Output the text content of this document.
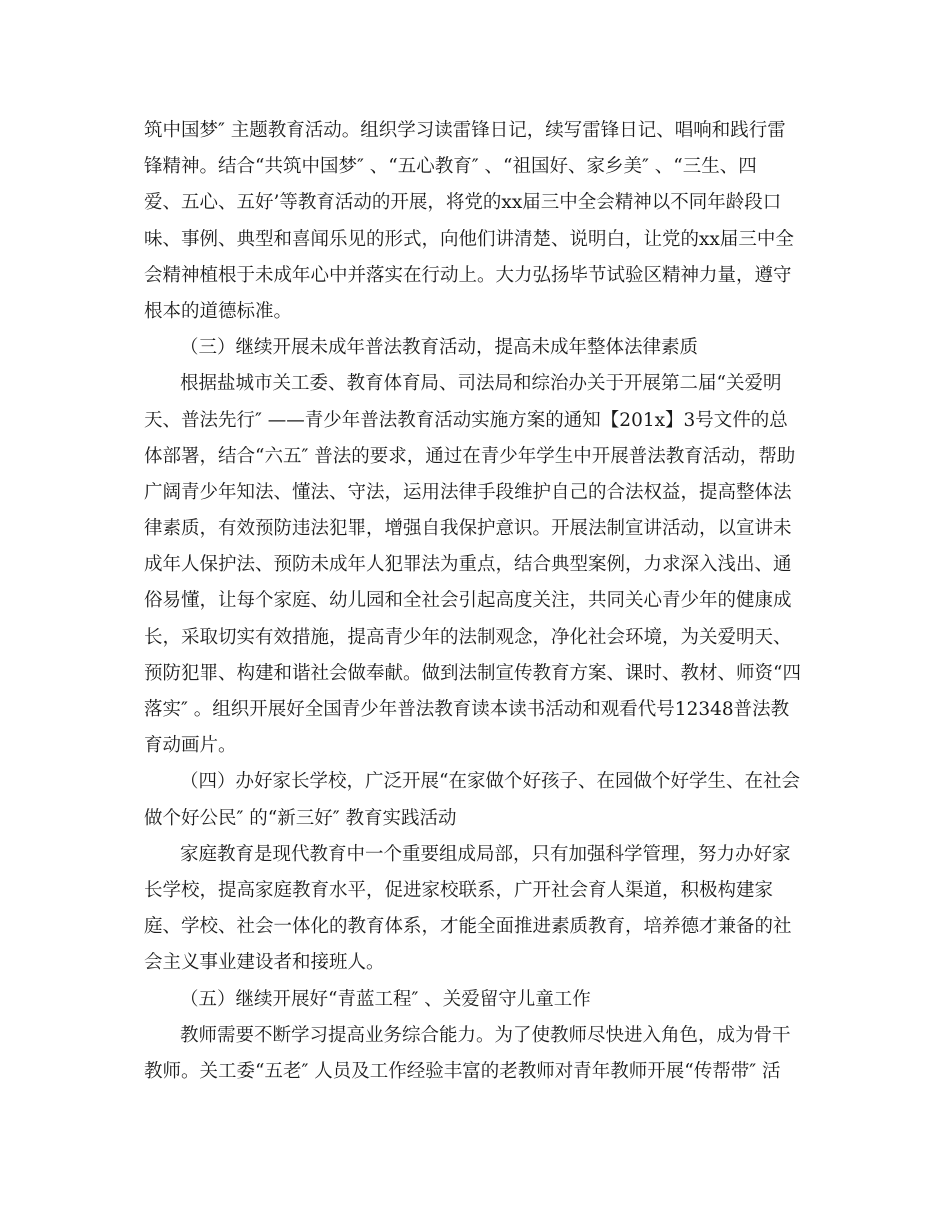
筑中国梦″ 主题教育活动。组织学习读雷锋日记，续写雷锋日记、唱响和践行雷
锋精神。结合“共筑中国梦″ 、“五心教育″ 、“祖国好、家乡美″ 、“三生、四
爱、五心、五好’等教育活动的开展，将党的xx届三中全会精神以不同年龄段口
味、事例、典型和喜闻乐见的形式，向他们讲清楚、说明白，让党的xx届三中全
会精神植根于未成年心中并落实在行动上。大力弘扬毕节试验区精神力量，遵守
根本的道德标准。
（三）继续开展未成年普法教育活动，提高未成年整体法律素质
根据盐城市关工委、教育体育局、司法局和综治办关于开展第二届“关爱明
天、普法先行″ ——青少年普法教育活动实施方案的通知【201x】3号文件的总
体部署，结合“六五″ 普法的要求，通过在青少年学生中开展普法教育活动，帮助
广阔青少年知法、懂法、守法，运用法律手段维护自己的合法权益，提高整体法
律素质，有效预防违法犯罪，增强自我保护意识。开展法制宣讲活动，以宣讲未
成年人保护法、预防未成年人犯罪法为重点，结合典型案例，力求深入浅出、通
俗易懂，让每个家庭、幼儿园和全社会引起高度关注，共同关心青少年的健康成
长，采取切实有效措施，提高青少年的法制观念，净化社会环境，为关爱明天、
预防犯罪、构建和谐社会做奉献。做到法制宣传教育方案、课时、教材、师资“四
落实″ 。组织开展好全国青少年普法教育读本读书活动和观看代号12348普法教
育动画片。
（四）办好家长学校，广泛开展“在家做个好孩子、在园做个好学生、在社会
做个好公民″ 的“新三好″ 教育实践活动
家庭教育是现代教育中一个重要组成局部，只有加强科学管理，努力办好家
长学校，提高家庭教育水平，促进家校联系，广开社会育人渠道，积极构建家
庭、学校、社会一体化的教育体系，才能全面推进素质教育，培养德才兼备的社
会主义事业建设者和接班人。
（五）继续开展好“青蓝工程″ 、关爱留守儿童工作
教师需要不断学习提高业务综合能力。为了使教师尽快进入角色，成为骨干
教师。关工委“五老″ 人员及工作经验丰富的老教师对青年教师开展“传帮带″ 活
